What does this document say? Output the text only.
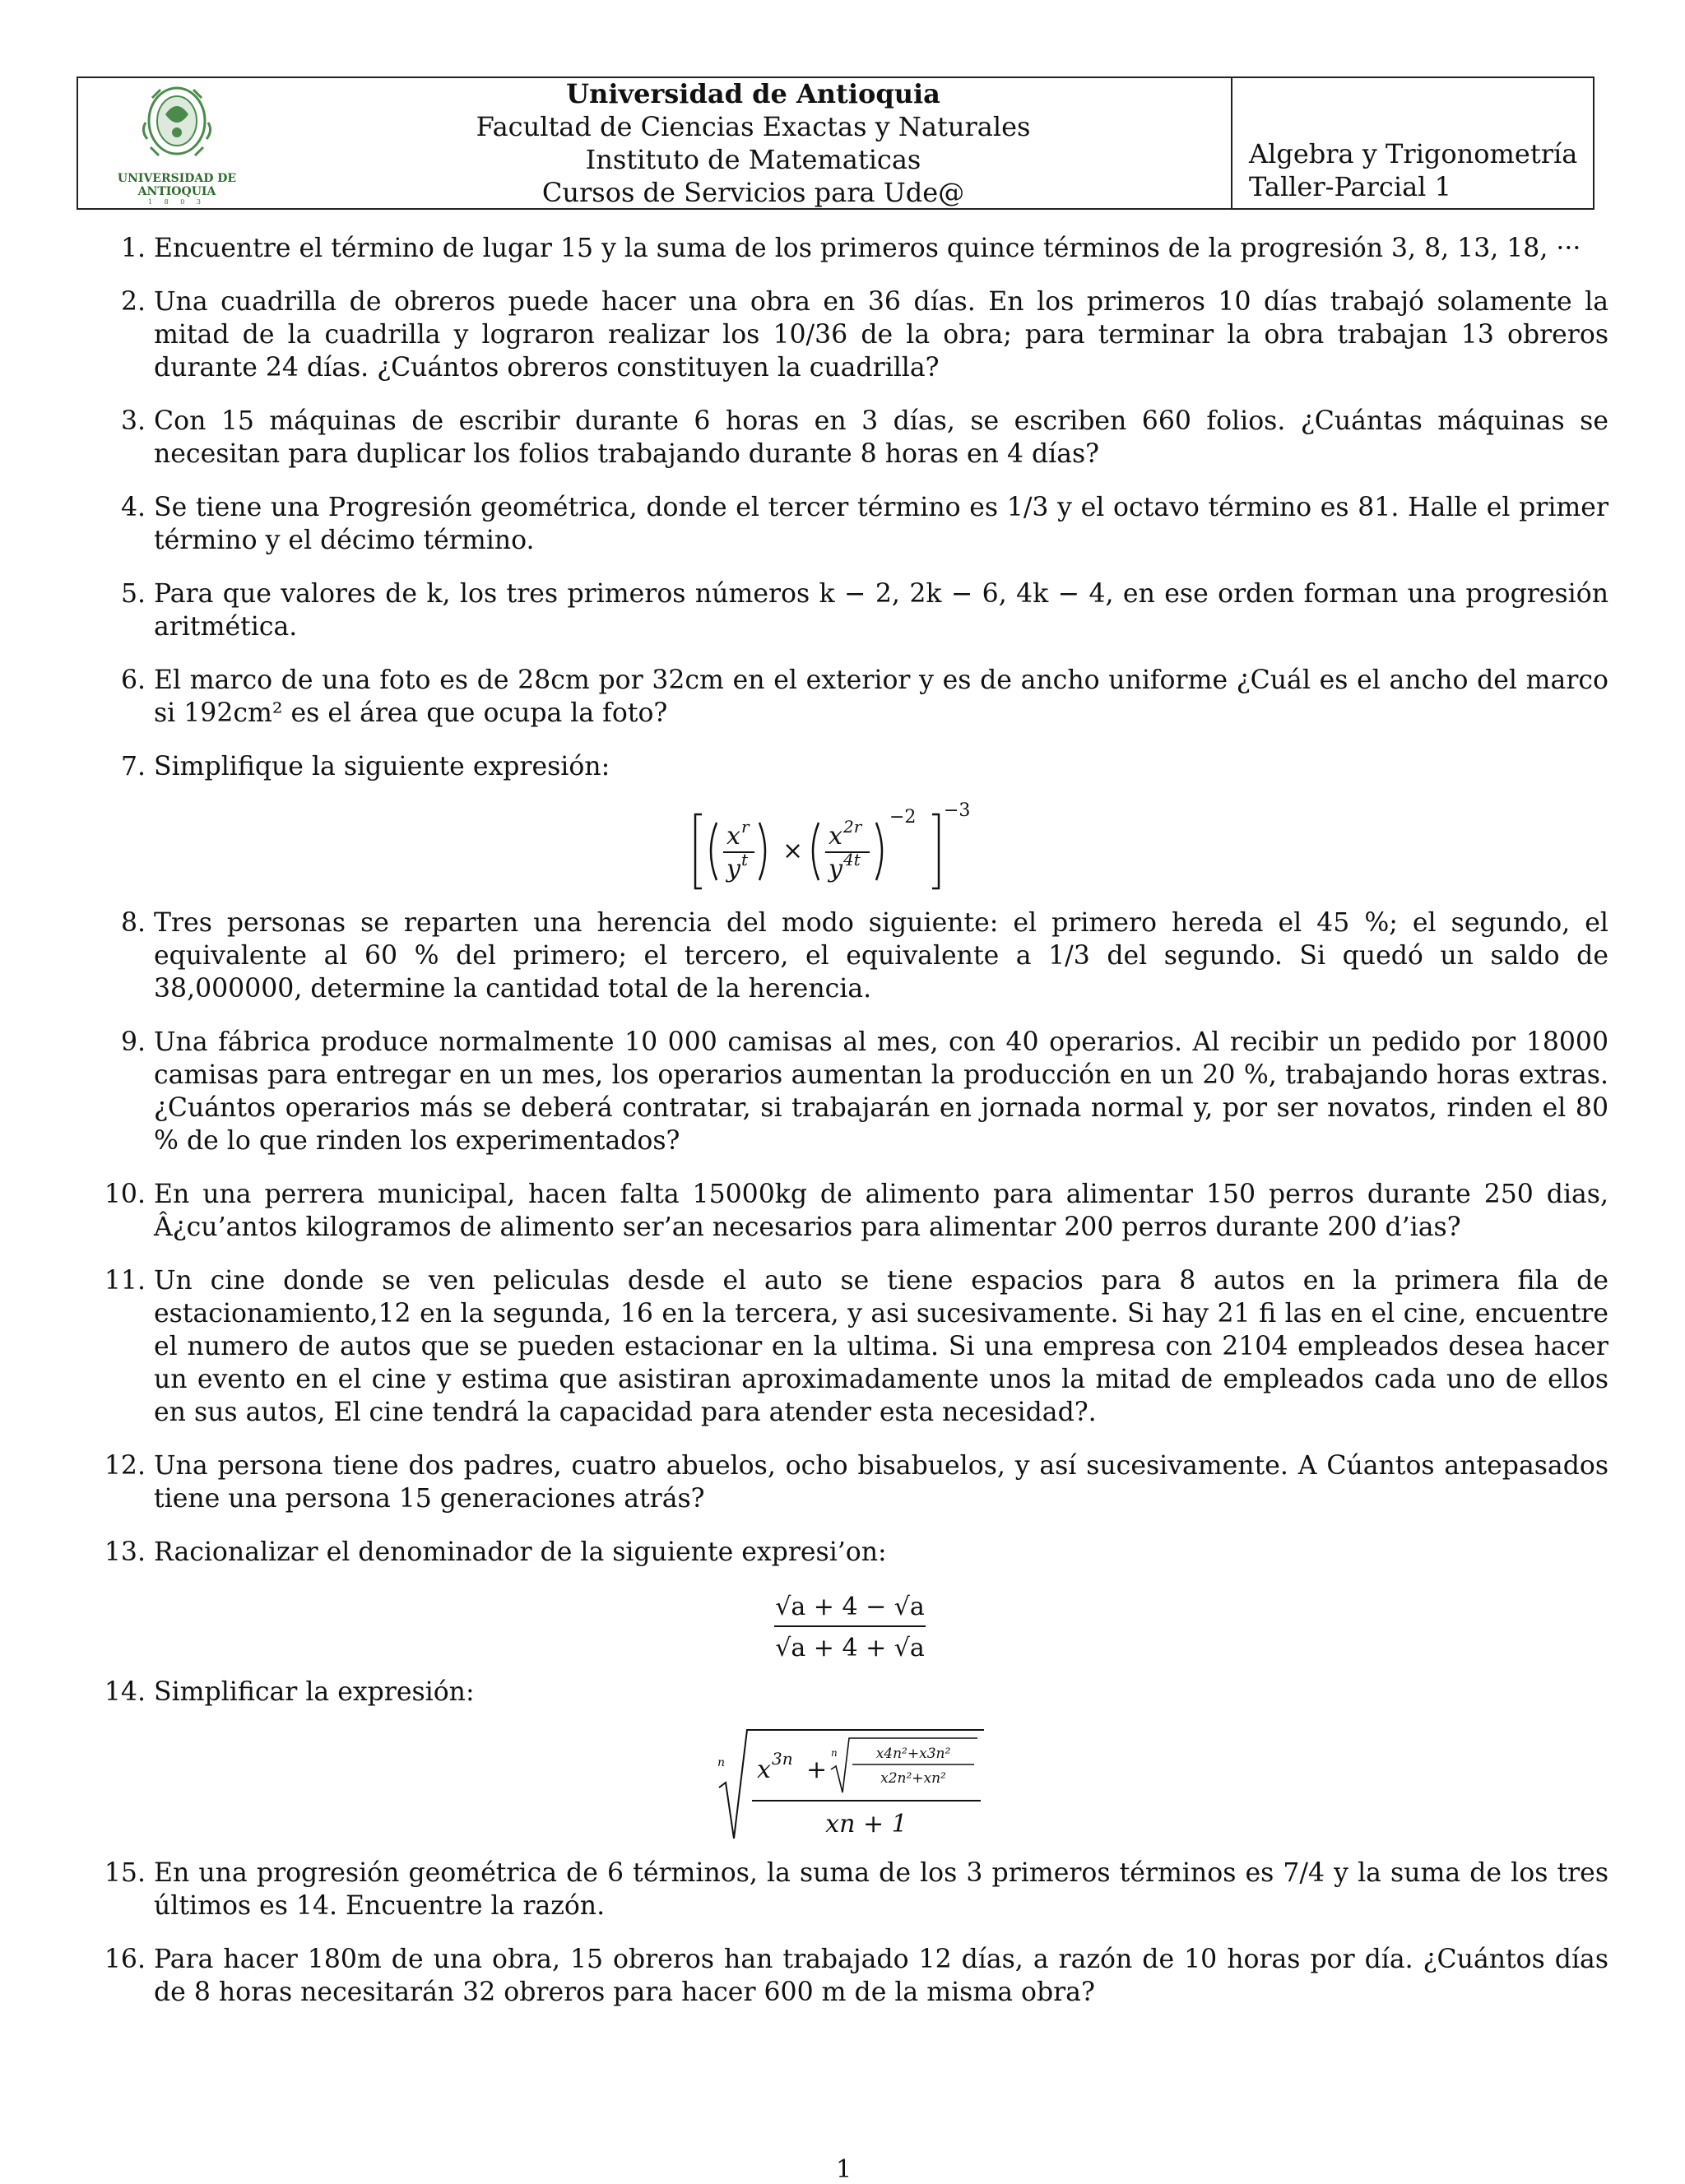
UNIVERSIDAD DE ANTIOQUIA
1 8 0 3
Universidad de Antioquia
Facultad de Ciencias Exactas y Naturales
Instituto de Matematicas
Cursos de Servicios para Ude@
Algebra y Trigonometría
Taller-Parcial 1
1. Encuentre el término de lugar 15 y la suma de los primeros quince términos de la progresión 3, 8, 13, 18, ···
2. Una cuadrilla de obreros puede hacer una obra en 36 días. En los primeros 10 días trabajó solamente la mitad de la cuadrilla y lograron realizar los 10/36 de la obra; para terminar la obra trabajan 13 obreros durante 24 días. ¿Cuántos obreros constituyen la cuadrilla?
3. Con 15 máquinas de escribir durante 6 horas en 3 días, se escriben 660 folios. ¿Cuántas máquinas se necesitan para duplicar los folios trabajando durante 8 horas en 4 días?
4. Se tiene una Progresión geométrica, donde el tercer término es 1/3 y el octavo término es 81. Halle el primer término y el décimo término.
5. Para que valores de k, los tres primeros números k − 2, 2k − 6, 4k − 4, en ese orden forman una progresión aritmética.
6. El marco de una foto es de 28cm por 32cm en el exterior y es de ancho uniforme ¿Cuál es el ancho del marco si 192cm² es el área que ocupa la foto?
7. Simplifique la siguiente expresión:
x r
y t ×
x 2r
y 4t
−2 −3
8. Tres personas se reparten una herencia del modo siguiente: el primero hereda el 45 %; el segundo, el equivalente al 60 % del primero; el tercero, el equivalente a 1/3 del segundo. Si quedó un saldo de 38,000000, determine la cantidad total de la herencia.
9. Una fábrica produce normalmente 10 000 camisas al mes, con 40 operarios. Al recibir un pedido por 18000 camisas para entregar en un mes, los operarios aumentan la producción en un 20 %, trabajando horas extras. ¿Cuántos operarios más se deberá contratar, si trabajarán en jornada normal y, por ser novatos, rinden el 80 % de lo que rinden los experimentados?
10. En una perrera municipal, hacen falta 15000kg de alimento para alimentar 150 perros durante 250 dias, Â¿cu’antos kilogramos de alimento ser’an necesarios para alimentar 200 perros durante 200 d’ias?
11. Un cine donde se ven peliculas desde el auto se tiene espacios para 8 autos en la primera fila de estacionamiento,12 en la segunda, 16 en la tercera, y asi sucesivamente. Si hay 21 fi las en el cine, encuentre el numero de autos que se pueden estacionar en la ultima. Si una empresa con 2104 empleados desea hacer un evento en el cine y estima que asistiran aproximadamente unos la mitad de empleados cada uno de ellos en sus autos, El cine tendrá la capacidad para atender esta necesidad?.
12. Una persona tiene dos padres, cuatro abuelos, ocho bisabuelos, y así sucesivamente. A Cúantos antepasados tiene una persona 15 generaciones atrás?
13. Racionalizar el denominador de la siguiente expresi’on:
√a + 4 − √a
√a + 4 + √a
14. Simplificar la expresión:
n x 3n +
n	x4n²+x3n²
x2n²+xn²
xn + 1
15. En una progresión geométrica de 6 términos, la suma de los 3 primeros términos es 7/4 y la suma de los tres últimos es 14. Encuentre la razón.
16. Para hacer 180m de una obra, 15 obreros han trabajado 12 días, a razón de 10 horas por día. ¿Cuántos días de 8 horas necesitarán 32 obreros para hacer 600 m de la misma obra?
1
